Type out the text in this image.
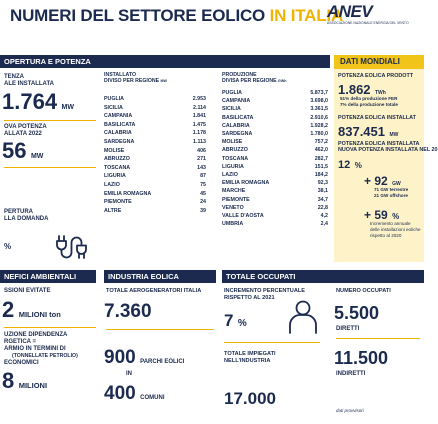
NUMERI DEL SETTORE EOLICO IN ITALIA
ANEV
ASSOCIAZIONE NAZIONALE ENERGIA DEL VENTO
OPERTURA E POTENZA
TENZA
ALE INSTALLATA
1.764 MW
OVA POTENZA
ALLATA 2022
56 MW
PERTURA
LLA DOMANDA
%
INSTALLATO
DIVISO PER REGIONE MW
PUGLIA	2.953
SICILIA	2.114
CAMPANIA	1.841
BASILICATA	1.475
CALABRIA	1.178
SARDEGNA	1.113
MOLISE	406
ABRUZZO	271
TOSCANA	143
LIGURIA	87
LAZIO	75
EMILIA ROMAGNA	45
PIEMONTE	24
ALTRE	39
PRODUZIONE
DIVISA PER REGIONE GWh
PUGLIA	5.873,7
CAMPANIA	3.698,0
SICILIA	3.361,5
BASILICATA	2.910,6
CALABRIA	1.928,2
SARDEGNA	1.780,0
MOLISE	757,2
ABRUZZO	462,0
TOSCANA	282,7
LIGURIA	151,5
LAZIO	184,2
EMILIA ROMAGNA	92,3
MARCHE	38,1
PIEMONTE	34,7
VENETO	22,8
VALLE D'AOSTA	4,2
UMBRIA	2,4
DATI MONDIALI
POTENZA EOLICA PRODOTT
1.862 TWh
51% della produzione FER
7% della produzione totale
POTENZA EOLICA INSTALLAT
837.451 MW
POTENZA EOLICA INSTALLATA
NUOVA POTENZA INSTALLATA NEL 20
12 %
+ 92 GW
71 GW terrestre
21 GW offshore
+ 59 %
Incremento annuale
delle installazioni eoliche
rispetto al 2020
NEFICI AMBIENTALI
SSIONI EVITATE
2 MILIONI ton
UZIONE DIPENDENZA
RGETICA =
ARMIO IN TERMINI DI
(TONNELLATE PETROLIO)
ECONOMICI
8 MILIONI
INDUSTRIA EOLICA
TOTALE AEROGENERATORI ITALIA
7.360
900 PARCHI EOLICI
IN
400 COMUNI
TOTALE OCCUPATI
INCREMENTO PERCENTUALE
RISPETTO AL 2021
7 %
TOTALE IMPIEGATI
NELL'INDUSTRIA
17.000
NUMERO OCCUPATI
5.500
DIRETTI
11.500
INDIRETTI
dati provvisori
